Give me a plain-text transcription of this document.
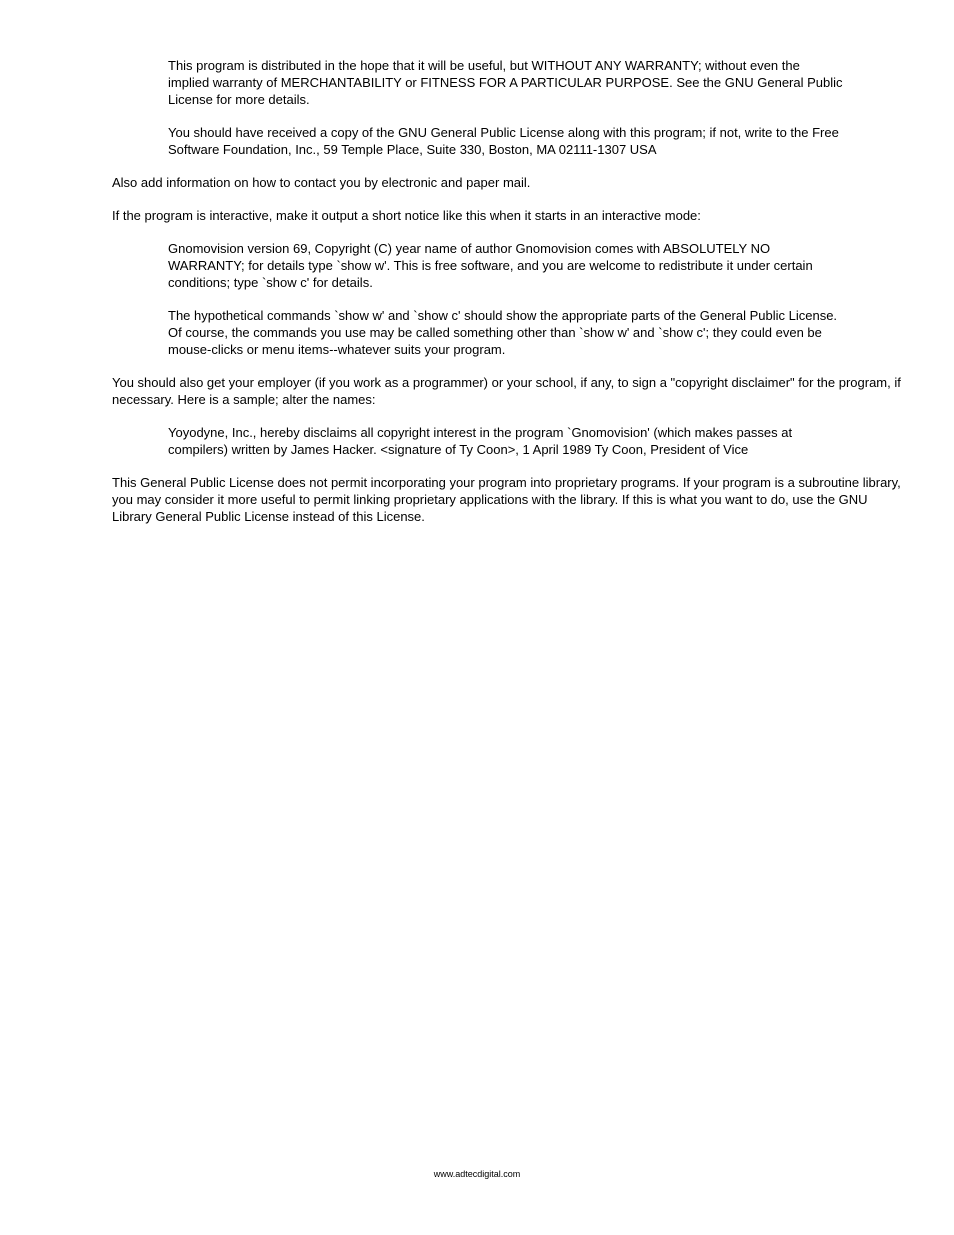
This program is distributed in the hope that it will be useful, but WITHOUT ANY WARRANTY; without even the implied warranty of MERCHANTABILITY or FITNESS FOR A PARTICULAR PURPOSE. See the GNU General Public License for more details.

You should have received a copy of the GNU General Public License along with this program; if not, write to the Free Software Foundation, Inc., 59 Temple Place, Suite 330, Boston, MA 02111-1307 USA

Also add information on how to contact you by electronic and paper mail.

If the program is interactive, make it output a short notice like this when it starts in an interactive mode:

Gnomovision version 69, Copyright (C) year name of author Gnomovision comes with ABSOLUTELY NO WARRANTY; for details type `show w'. This is free software, and you are welcome to redistribute it under certain conditions; type `show c' for details.

The hypothetical commands `show w' and `show c' should show the appropriate parts of the General Public License. Of course, the commands you use may be called something other than `show w' and `show c'; they could even be mouse-clicks or menu items--whatever suits your program.

You should also get your employer (if you work as a programmer) or your school, if any, to sign a "copyright disclaimer" for the program, if necessary. Here is a sample; alter the names:

Yoyodyne, Inc., hereby disclaims all copyright interest in the program `Gnomovision' (which makes passes at compilers) written by James Hacker. <signature of Ty Coon>, 1 April 1989 Ty Coon, President of Vice

This General Public License does not permit incorporating your program into proprietary programs. If your program is a subroutine library, you may consider it more useful to permit linking proprietary applications with the library. If this is what you want to do, use the GNU Library General Public License instead of this License.

www.adtecdigital.com
